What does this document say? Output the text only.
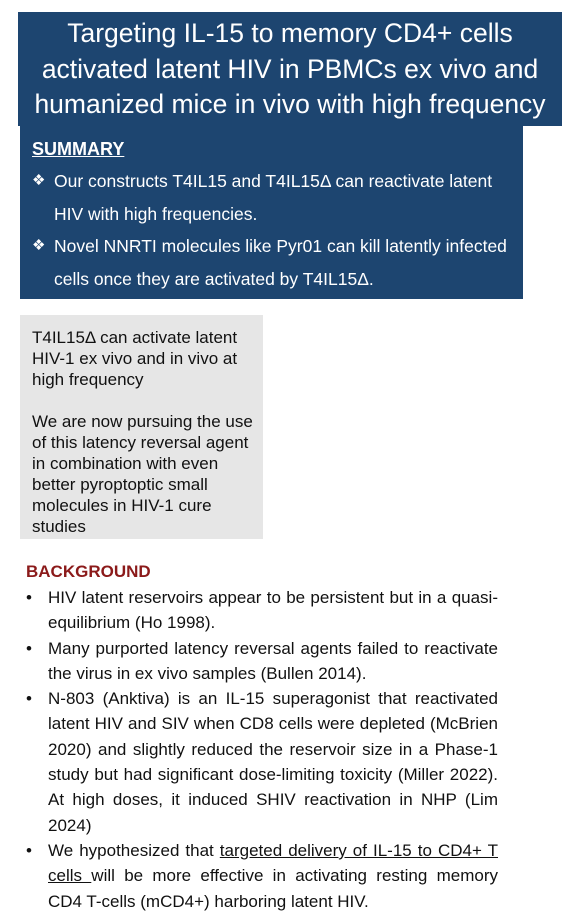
Targeting IL-15 to memory CD4+ cells
activated latent HIV in PBMCs ex vivo and
humanized mice in vivo with high frequency
SUMMARY
❖ Our constructs T4IL15 and T4IL15Δ can reactivate latent HIV with high frequencies.
❖ Novel NNRTI molecules like Pyr01 can kill latently infected cells once they are activated by T4IL15Δ.

T4IL15Δ can activate latent HIV-1 ex vivo and in vivo at high frequency

We are now pursuing the use of this latency reversal agent in combination with even better pyroptoptic small molecules in HIV-1 cure studies

BACKGROUND
• HIV latent reservoirs appear to be persistent but in a quasi-equilibrium (Ho 1998).
• Many purported latency reversal agents failed to reactivate the virus in ex vivo samples (Bullen 2014).
• N-803 (Anktiva) is an IL-15 superagonist that reactivated latent HIV and SIV when CD8 cells were depleted (McBrien 2020) and slightly reduced the reservoir size in a Phase-1 study but had significant dose-limiting toxicity (Miller 2022). At high doses, it induced SHIV reactivation in NHP (Lim 2024)
• We hypothesized that targeted delivery of IL-15 to CD4+ T cells will be more effective in activating resting memory CD4 T-cells (mCD4+) harboring latent HIV.
